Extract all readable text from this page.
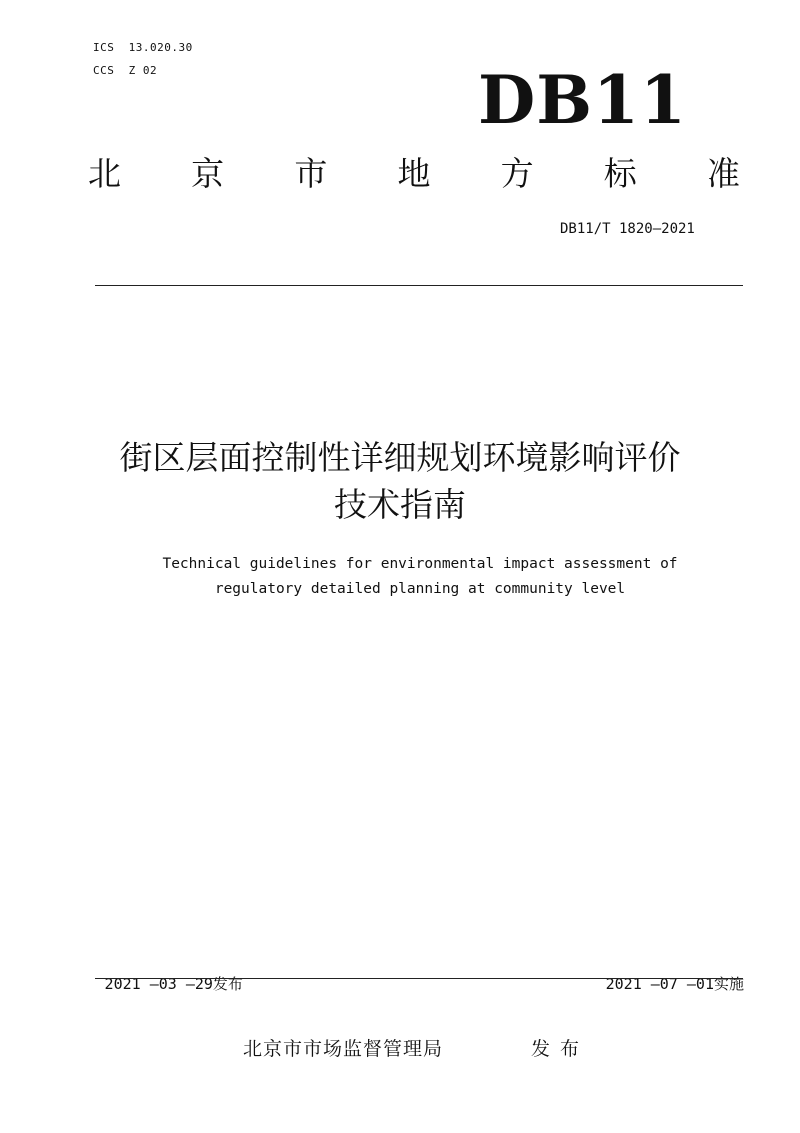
ICS  13.020.30
CCS  Z 02	DB11
北 京 市 地 方 标 准
DB11/T 1820—2021
街区层面控制性详细规划环境影响评价
技术指南
Technical guidelines for environmental impact assessment of
regulatory detailed planning at community level

2021 —03 —29发布	2021 —07 —01实施

北京市市场监督管理局	发布
